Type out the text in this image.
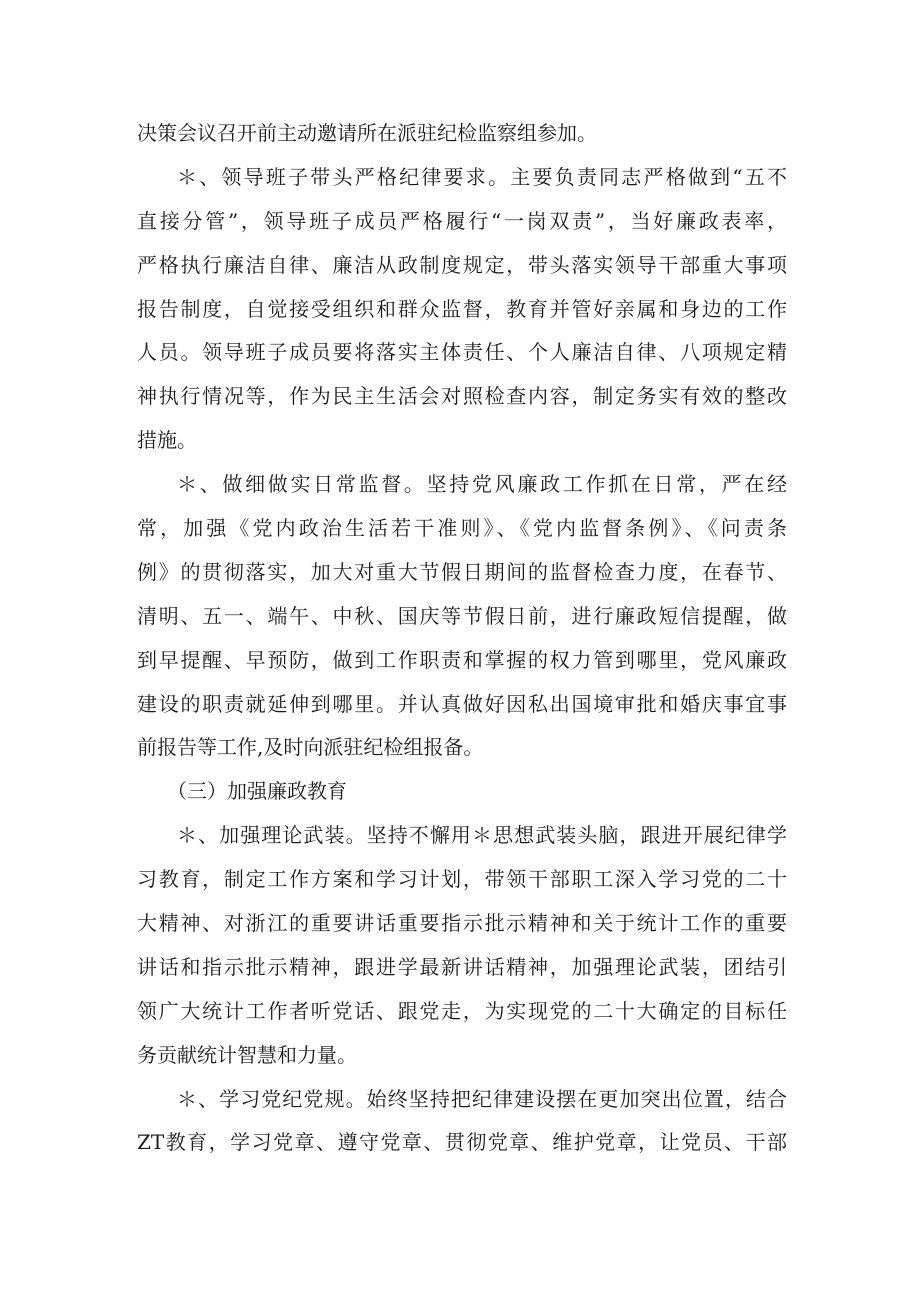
决策会议召开前主动邀请所在派驻纪检监察组参加。
＊、领导班子带头严格纪律要求。主要负责同志严格做到“五不
直接分管”，领导班子成员严格履行“一岗双责”，当好廉政表率，
严格执行廉洁自律、廉洁从政制度规定，带头落实领导干部重大事项
报告制度，自觉接受组织和群众监督，教育并管好亲属和身边的工作
人员。领导班子成员要将落实主体责任、个人廉洁自律、八项规定精
神执行情况等，作为民主生活会对照检查内容，制定务实有效的整改
措施。
＊、做细做实日常监督。坚持党风廉政工作抓在日常，严在经
常，加强《党内政治生活若干准则》、《党内监督条例》、《问责条
例》的贯彻落实，加大对重大节假日期间的监督检查力度，在春节、
清明、五一、端午、中秋、国庆等节假日前，进行廉政短信提醒，做
到早提醒、早预防，做到工作职责和掌握的权力管到哪里，党风廉政
建设的职责就延伸到哪里。并认真做好因私出国境审批和婚庆事宜事
前报告等工作,及时向派驻纪检组报备。
（三）加强廉政教育
＊、加强理论武装。坚持不懈用＊思想武装头脑，跟进开展纪律学
习教育，制定工作方案和学习计划，带领干部职工深入学习党的二十
大精神、对浙江的重要讲话重要指示批示精神和关于统计工作的重要
讲话和指示批示精神，跟进学最新讲话精神，加强理论武装，团结引
领广大统计工作者听党话、跟党走，为实现党的二十大确定的目标任
务贡献统计智慧和力量。
＊、学习党纪党规。始终坚持把纪律建设摆在更加突出位置，结合
ZT教育，学习党章、遵守党章、贯彻党章、维护党章，让党员、干部
